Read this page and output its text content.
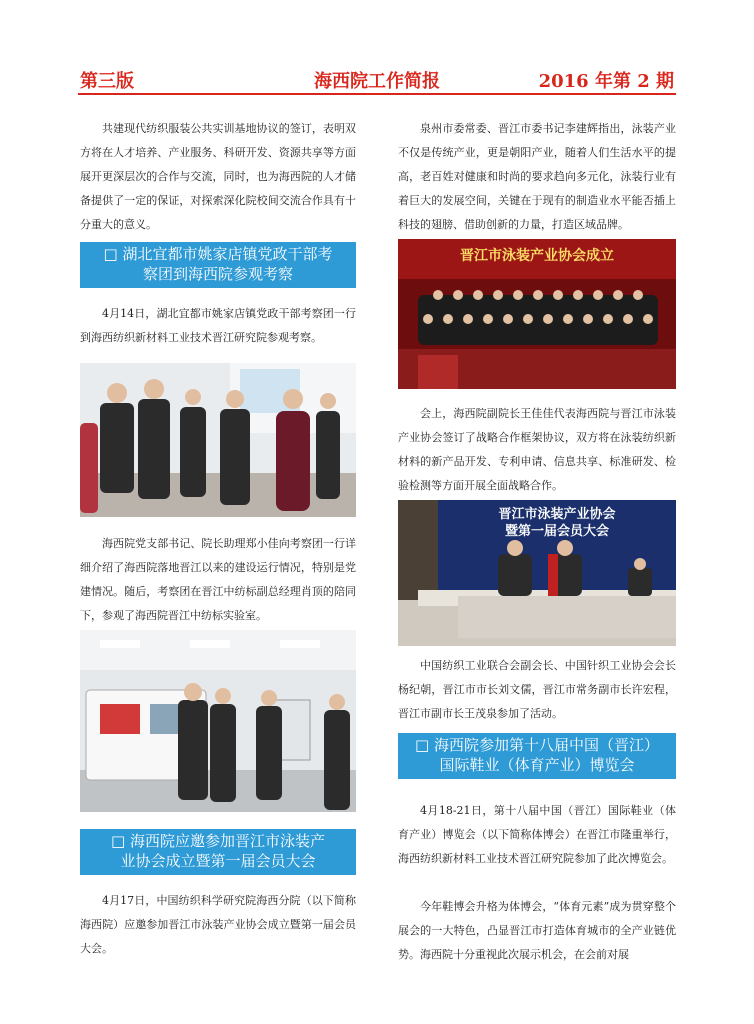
第三版	海西院工作简报	2016 年第 2 期

共建现代纺织服装公共实训基地协议的签订，表明双方将在人才培养、产业服务、科研开发、资源共享等方面展开更深层次的合作与交流，同时，也为海西院的人才储备提供了一定的保证，对探索深化院校间交流合作具有十分重大的意义。

□ 湖北宜都市姚家店镇党政干部考
察团到海西院参观考察

4月14日，湖北宜都市姚家店镇党政干部考察团一行到海西纺织新材料工业技术晋江研究院参观考察。

海西院党支部书记、院长助理郑小佳向考察团一行详细介绍了海西院落地晋江以来的建设运行情况，特别是党建情况。随后，考察团在晋江中纺标副总经理肖顶的陪同下，参观了海西院晋江中纺标实验室。

□ 海西院应邀参加晋江市泳装产
业协会成立暨第一届会员大会

4月17日，中国纺织科学研究院海西分院（以下简称海西院）应邀参加晋江市泳装产业协会成立暨第一届会员大会。

泉州市委常委、晋江市委书记李建辉指出，泳装产业不仅是传统产业，更是朝阳产业，随着人们生活水平的提高，老百姓对健康和时尚的要求趋向多元化，泳装行业有着巨大的发展空间，关键在于现有的制造业水平能否插上科技的翅膀、借助创新的力量，打造区域品牌。

晋江市泳装产业协会成立

会上，海西院副院长王佳佳代表海西院与晋江市泳装产业协会签订了战略合作框架协议，双方将在泳装纺织新材料的新产品开发、专利申请、信息共享、标准研发、检验检测等方面开展全面战略合作。

晋江市泳装产业协会
暨第一届会员大会

中国纺织工业联合会副会长、中国针织工业协会会长杨纪朝，晋江市市长刘文儒，晋江市常务副市长许宏程，晋江市副市长王茂泉参加了活动。

□ 海西院参加第十八届中国（晋江）
国际鞋业（体育产业）博览会

4月18-21日，第十八届中国（晋江）国际鞋业（体育产业）博览会（以下简称体博会）在晋江市隆重举行，海西纺织新材料工业技术晋江研究院参加了此次博览会。

今年鞋博会升格为体博会，“体育元素”成为贯穿整个展会的一大特色，凸显晋江市打造体育城市的全产业链优势。海西院十分重视此次展示机会，在会前对展
